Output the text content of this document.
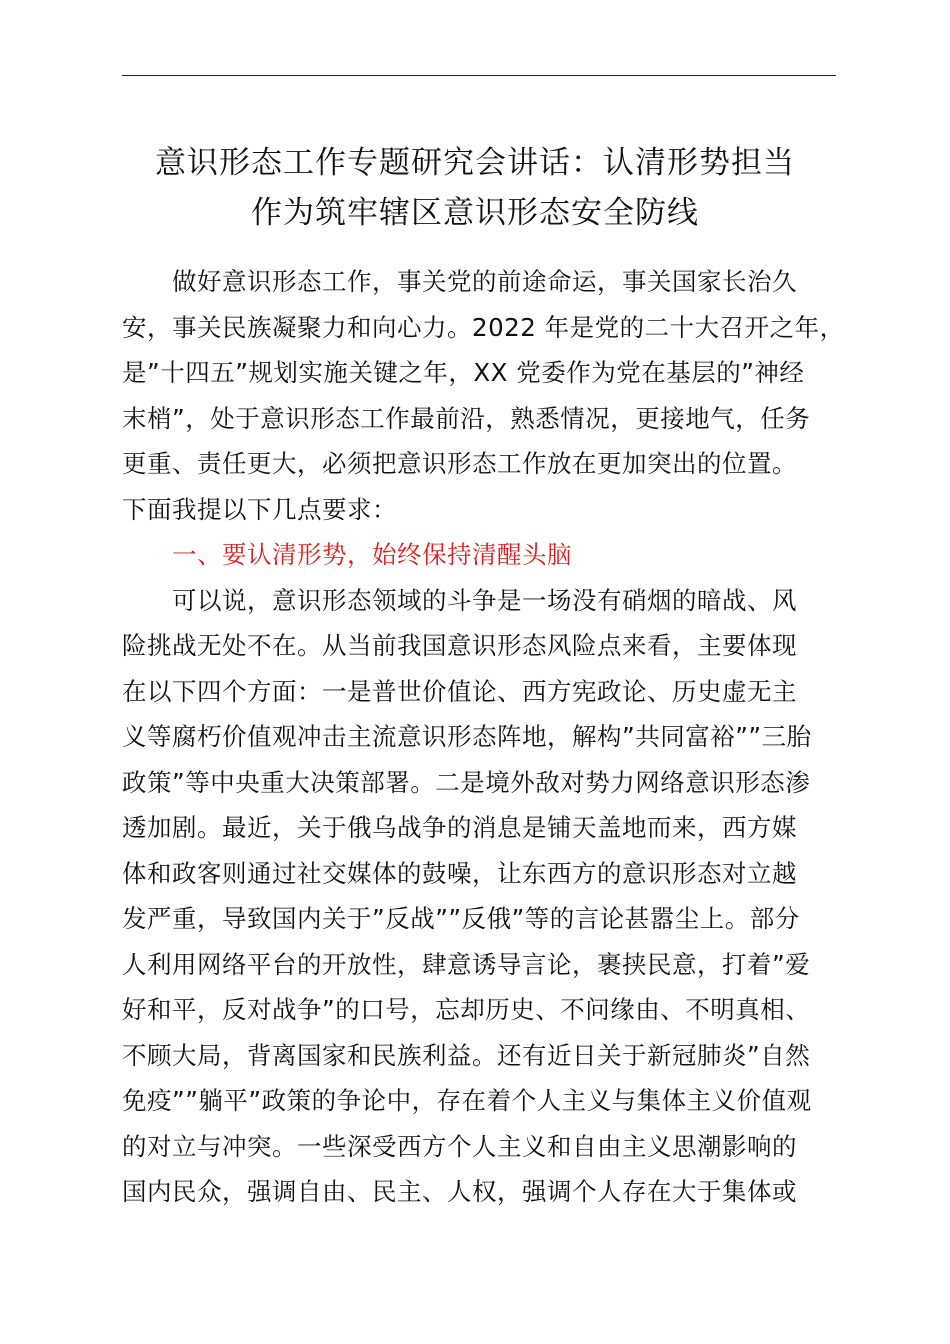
意识形态工作专题研究会讲话：认清形势担当
作为筑牢辖区意识形态安全防线
做好意识形态工作，事关党的前途命运，事关国家长治久
安，事关民族凝聚力和向心力。2022 年是党的二十大召开之年，
是”十四五”规划实施关键之年，XX 党委作为党在基层的”神经
末梢”，处于意识形态工作最前沿，熟悉情况，更接地气，任务
更重、责任更大，必须把意识形态工作放在更加突出的位置。
下面我提以下几点要求：
一、要认清形势，始终保持清醒头脑
可以说，意识形态领域的斗争是一场没有硝烟的暗战、风
险挑战无处不在。从当前我国意识形态风险点来看，主要体现
在以下四个方面：一是普世价值论、西方宪政论、历史虚无主
义等腐朽价值观冲击主流意识形态阵地，解构”共同富裕””三胎
政策”等中央重大决策部署。二是境外敌对势力网络意识形态渗
透加剧。最近，关于俄乌战争的消息是铺天盖地而来，西方媒
体和政客则通过社交媒体的鼓噪，让东西方的意识形态对立越
发严重，导致国内关于”反战””反俄”等的言论甚嚣尘上。部分
人利用网络平台的开放性，肆意诱导言论，裹挟民意，打着”爱
好和平，反对战争”的口号，忘却历史、不问缘由、不明真相、
不顾大局，背离国家和民族利益。还有近日关于新冠肺炎”自然
免疫””躺平”政策的争论中，存在着个人主义与集体主义价值观
的对立与冲突。一些深受西方个人主义和自由主义思潮影响的
国内民众，强调自由、民主、人权，强调个人存在大于集体或
